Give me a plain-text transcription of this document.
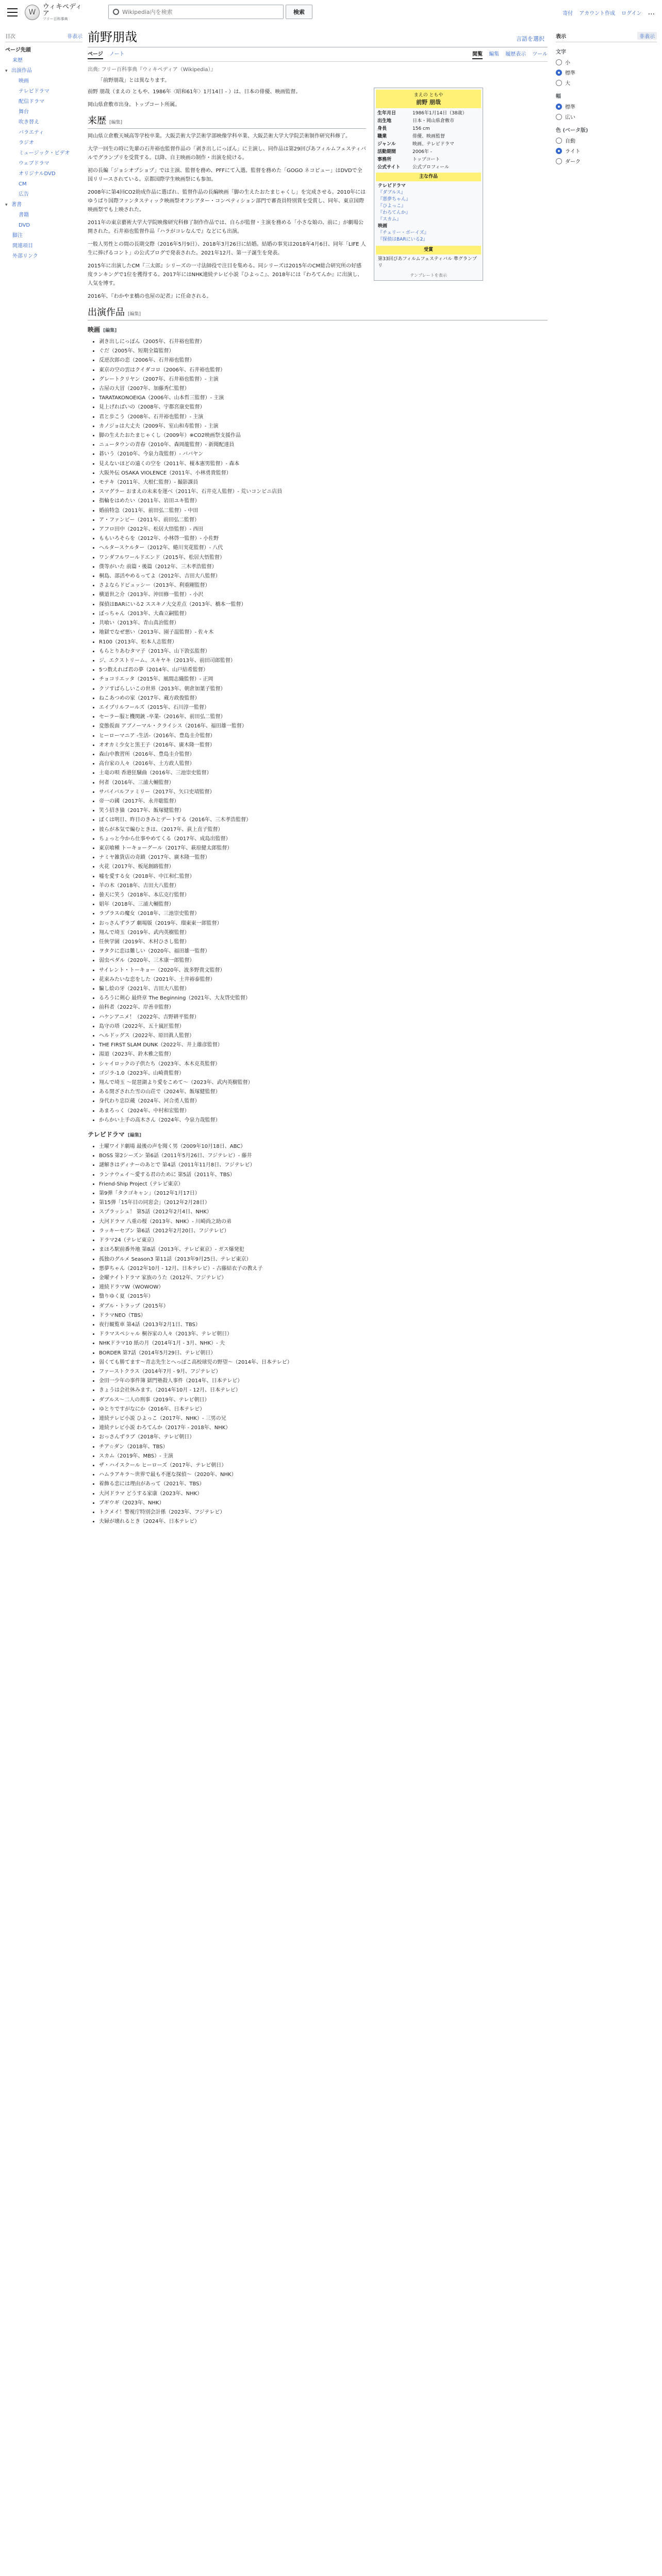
W
ウィキペディア
フリー百科事典
Wikipedia内を検索
検索	寄付 アカウント作成 ログイン ...
目次	非表示
ページ先頭
来歴
▾ 出演作品
映画
テレビドラマ
配信ドラマ
舞台
吹き替え
バラエティ
ラジオ
ミュージック・ビデオ
ウェブドラマ
オリジナルDVD
CM
広告
▾ 著書
書籍
DVD
脚注
関連項目
外部リンク
前野朋哉	言語を選択
ページ ノート	閲覧 編集 履歴表示 ツール
出典: フリー百科事典『ウィキペディア（Wikipedia）』
「前野朋哉」とは異なります。

前野 朋哉（まえの ともや、1986年〈昭和61年〉1月14日 - ）は、日本の俳優、映画監督。

岡山県倉敷市出身。トップコート所属。

来歴 [編集]

岡山県立倉敷天城高等学校卒業。大阪芸術大学芸術学部映像学科卒業、大阪芸術大学大学院芸術制作研究科修了。

大学一回生の時に先輩の石井裕也監督作品の「剥き出しにっぽん」に主演し、同作品は第29回ぴあフィルムフェスティバルでグランプリを受賞する。以降、自主映画の制作・出演を続ける。

初の長編「ジョシオプショプ」では主演、監督を務め、PFFにて入選。監督を務めた「GOGO ネコピュー」はDVDで全国リリースされている。京都国際学生映画祭にも参加。

2008年に第4回CO2助成作品に選ばれ、監督作品の長編映画「脚の生えたおたまじゃくし」を完成させる。2010年にはゆうばり国際ファンタスティック映画祭オフシアター・コンペティション部門で審査員特別賞を受賞し、同年、東京国際映画祭でも上映された。

2011年の東京藝術大学大学院映像研究科修了制作作品では、自らが監督・主演を務める「小さな娘の、前に」が劇場公開された。石井裕也監督作品『ハラがコレなんで』などにも出演。

一般人男性との間の長期交際（2016年5月9日）、2018年3月26日に結婚。結婚の事実は2018年4月6日、同年「LIFE 人生に捧げるコント」の公式ブログで発表された。2021年12月、第一子誕生を発表。

2015年に出演したCM『三太郎』シリーズの一寸法師役で注目を集める。同シリーズは2015年のCM総合研究所の好感度ランキングで1位を獲得する。2017年にはNHK連続テレビ小説『ひよっこ』、2018年には『わろてんか』に出演し、人気を博す。

2016年、『わかやま橋の也屋の記者』に任命される。

まえの ともや
前野 朋哉
生年月日	1986年1月14日（38歳）
出生地	日本・岡山県倉敷市
身長	156 cm
職業	俳優、映画監督
ジャンル	映画、テレビドラマ
活動期間	2006年 -
事務所	トップコート
公式サイト	公式プロフィール
主な作品
テレビドラマ
『ダブルス』
『悪夢ちゃん』
『ひよっこ』
『わろてんか』
『スカム』
映画
『チェリー・ボーイズ』
『探偵はBARにいる2』
受賞
第33回ぴあフィルムフェスティバル 準グランプリ
テンプレートを表示
出演作品 [編集]
映画 [編集]
• 剥き出しにっぽん（2005年、石井裕也監督）
• ぐだ（2005年、短期全篇監督）
• 反逆次郎の恋（2006年、石井裕也監督）
• 東京の空の雲はクイダコロ（2006年、石井裕也監督）
• グレートクリヤン（2007年、石井裕也監督）- 主演
• 古屋の大冒（2007年、加藤秀仁監督）
• TARATAKONOEIGA（2006年、山本哲三監督）- 主演
• 見上げればいの（2008年、宇都宮康史監督）
• 君と歩こう（2008年、石井裕也監督）- 主演
• カノジョは大丈夫（2009年、室山和寿監督）- 主演
• 脚の生えたおたまじゃくし（2009年）※CO2映画祭支援作品
• ニュータウンの青春（2010年、森岡龍監督）- 新聞配達員
• 碁いう（2010年、今泉力哉監督）- ババヤン
• 見えないほどの遠くの空を（2011年、榎本憲男監督）- 森本
• 大阪外伝 OSAKA VIOLENCE（2011年、小林勇貴監督）
• モテキ（2011年、大根仁監督）- 撮影課員
• スマグラー おまえの未来を運べ（2011年、石井克人監督）- 荒いコンビニ店員
• 指輪をはめたい（2011年、岩田ユキ監督）
• 婚前特急（2011年、前田弘二監督）- 中田
• ア・ファンビー（2011年、前田弘二監督）
• アフロ田中（2012年、松居大悟監督）- 西田
• ももいろそらを（2012年、小林啓一監督）- 小佐野
• ヘルタースケルター（2012年、蜷川実花監督）- 八代
• ワンダフルワールドエンド（2015年、松居大悟監督）
• 僕等がいた 前篇・後篇（2012年、三木孝浩監督）
• 桐島、部活やめるってよ（2012年、吉田大八監督）
• さよならドビュッシー（2013年、利重剛監督）
• 横道世之介（2013年、沖田修一監督）- 小沢
• 探偵はBARにいる2 ススキノ大交差点（2013年、橋本一監督）
• ぼっちゃん（2013年、大森立嗣監督）
• 共喰い（2013年、青山真治監督）
• 地獄でなぜ悪い（2013年、園子温監督）- 佐々木
• R100（2013年、松本人志監督）
• もらとりあむタマ子（2013年、山下敦弘監督）
• ジ、エクストリーム、スキヤキ（2013年、前田司郎監督）
• 5つ数えれば君の夢（2014年、山戸結希監督）
• チョコリエッタ（2015年、風間志織監督）- 正岡
• クソすばらしいこの世界（2013年、朝倉加葉子監督）
• ねこあつめの家（2017年、蔵方政俊監督）
• エイプリルフールズ（2015年、石川淳一監督）
• セーラー服と機関銃 -卒業-（2016年、前田弘二監督）
• 変態仮面 アブノーマル・クライシス（2016年、福田雄一監督）
• ヒーローマニア -生活-（2016年、豊島圭介監督）
• オオカミ少女と黒王子（2016年、廣木隆一監督）
• 森山中教習所（2016年、豊島圭介監督）
• 高台家の人々（2016年、土方政人監督）
• 土竜の唄 香港狂騒曲（2016年、三池崇史監督）
• 何者（2016年、三浦大輔監督）
• サバイバルファミリー（2017年、矢口史靖監督）
• 帝一の國（2017年、永井聡監督）
• 笑う招き猫（2017年、飯塚健監督）
• ぼくは明日、昨日のきみとデートする（2016年、三木孝浩監督）
• 彼らが本気で編むときは、（2017年、荻上直子監督）
• ちょっと今から仕事やめてくる（2017年、成島出監督）
• 東京喰種 トーキョーグール（2017年、萩原健太郎監督）
• ナミヤ雑貨店の奇蹟（2017年、廣木隆一監督）
• 火花（2017年、板尾創路監督）
• 嘘を愛する女（2018年、中江和仁監督）
• 羊の木（2018年、吉田大八監督）
• 曇天に笑う（2018年、本広克行監督）
• 娼年（2018年、三浦大輔監督）
• ラプラスの魔女（2018年、三池崇史監督）
• おっさんずラブ 劇場版（2019年、瑠東東一郎監督）
• 翔んで埼玉（2019年、武内英樹監督）
• 任俠学園（2019年、木村ひさし監督）
• ヲタクに恋は難しい（2020年、福田雄一監督）
• 弱虫ペダル（2020年、三木康一郎監督）
• サイレント・トーキョー（2020年、波多野貴文監督）
• 花束みたいな恋をした（2021年、土井裕泰監督）
• 騙し絵の牙（2021年、吉田大八監督）
• るろうに剣心 最終章 The Beginning（2021年、大友啓史監督）
• 前科者（2022年、岸善幸監督）
• ハケンアニメ！（2022年、吉野耕平監督）
• 島守の塔（2022年、五十嵐匠監督）
• ヘルドッグス（2022年、原田眞人監督）
• THE FIRST SLAM DUNK（2022年、井上雄彦監督）
• 湯道（2023年、鈴木雅之監督）
• シャイロックの子供たち（2023年、本木克英監督）
• ゴジラ-1.0（2023年、山崎貴監督）
• 翔んで埼玉 〜琵琶湖より愛をこめて〜（2023年、武内英樹監督）
• ある閉ざされた雪の山荘で（2024年、飯塚健監督）
• 身代わり忠臣蔵（2024年、河合勇人監督）
• あまろっく（2024年、中村和宏監督）
• からかい上手の高木さん（2024年、今泉力哉監督）
テレビドラマ [編集]
• 土曜ワイド劇場 最後の声を聞く男（2009年10月18日、ABC）
• BOSS 第2シーズン 第6話（2011年5月26日、フジテレビ）- 藤井
• 謎解きはディナーのあとで 第4話（2011年11月8日、フジテレビ）
• ランナウェイ〜愛する君のために 第5話（2011年、TBS）
• Friend-Ship Project（テレビ東京）
• 第9弾「タクゴキャン」（2012年1月17日）
• 第15弾「15年目の同窓会」（2012年2月28日）
• スプラッシュ！ 第5話（2012年2月4日、NHK）
• 大河ドラマ 八重の桜（2013年、NHK）- 川崎尚之助の弟
• ラッキーセブン 第6話（2012年2月20日、フジテレビ）
• ドラマ24（テレビ東京）
• まほろ駅前番外地 第8話（2013年、テレビ東京）- ガス爆発犯
• 孤独のグルメ Season3 第11話（2013年9月25日、テレビ東京）
• 悪夢ちゃん（2012年10月 - 12月、日本テレビ）- 古藤結衣子の教え子
• 金曜ナイトドラマ 家族のうた（2012年、フジテレビ）
• 連続ドラマW（WOWOW）
• 翳りゆく夏（2015年）
• ダブル・トラップ（2015年）
• ドラマNEO（TBS）
• 夜行観覧車 第4話（2013年2月1日、TBS）
• ドラマスペシャル 桐谷家の人々（2013年、テレビ朝日）
• NHKドラマ10 紙の月（2014年1月 - 3月、NHK）- 夫
• BORDER 第7話（2014年5月29日、テレビ朝日）
• 弱くても勝てます〜青志先生とへっぽこ高校球児の野望〜（2014年、日本テレビ）
• ファーストクラス（2014年7月 - 9月、フジテレビ）
• 金田一少年の事件簿 獄門塾殺人事件（2014年、日本テレビ）
• きょうは会社休みます。（2014年10月 - 12月、日本テレビ）
• ダブルス〜二人の刑事（2019年、テレビ朝日）
• ゆとりですがなにか（2016年、日本テレビ）
• 連続テレビ小説 ひよっこ（2017年、NHK）- 三男の兄
• 連続テレビ小説 わろてんか（2017年 - 2018年、NHK）
• おっさんずラブ（2018年、テレビ朝日）
• チア☆ダン（2018年、TBS）
• スカム（2019年、MBS）- 主演
• ザ・ハイスクール ヒーローズ（2017年、テレビ朝日）
• ハムラアキラ〜世界で最も不運な探偵〜（2020年、NHK）
• 着飾る恋には理由があって（2021年、TBS）
• 大河ドラマ どうする家康（2023年、NHK）
• ブギウギ（2023年、NHK）
• トクメイ！警視庁特別会計係（2023年、フジテレビ）
• 夫婦が壊れるとき（2024年、日本テレビ）
表示	非表示
文字
小
標準
大
幅
標準
広い
色 (ベータ版)
自動
ライト
ダーク
